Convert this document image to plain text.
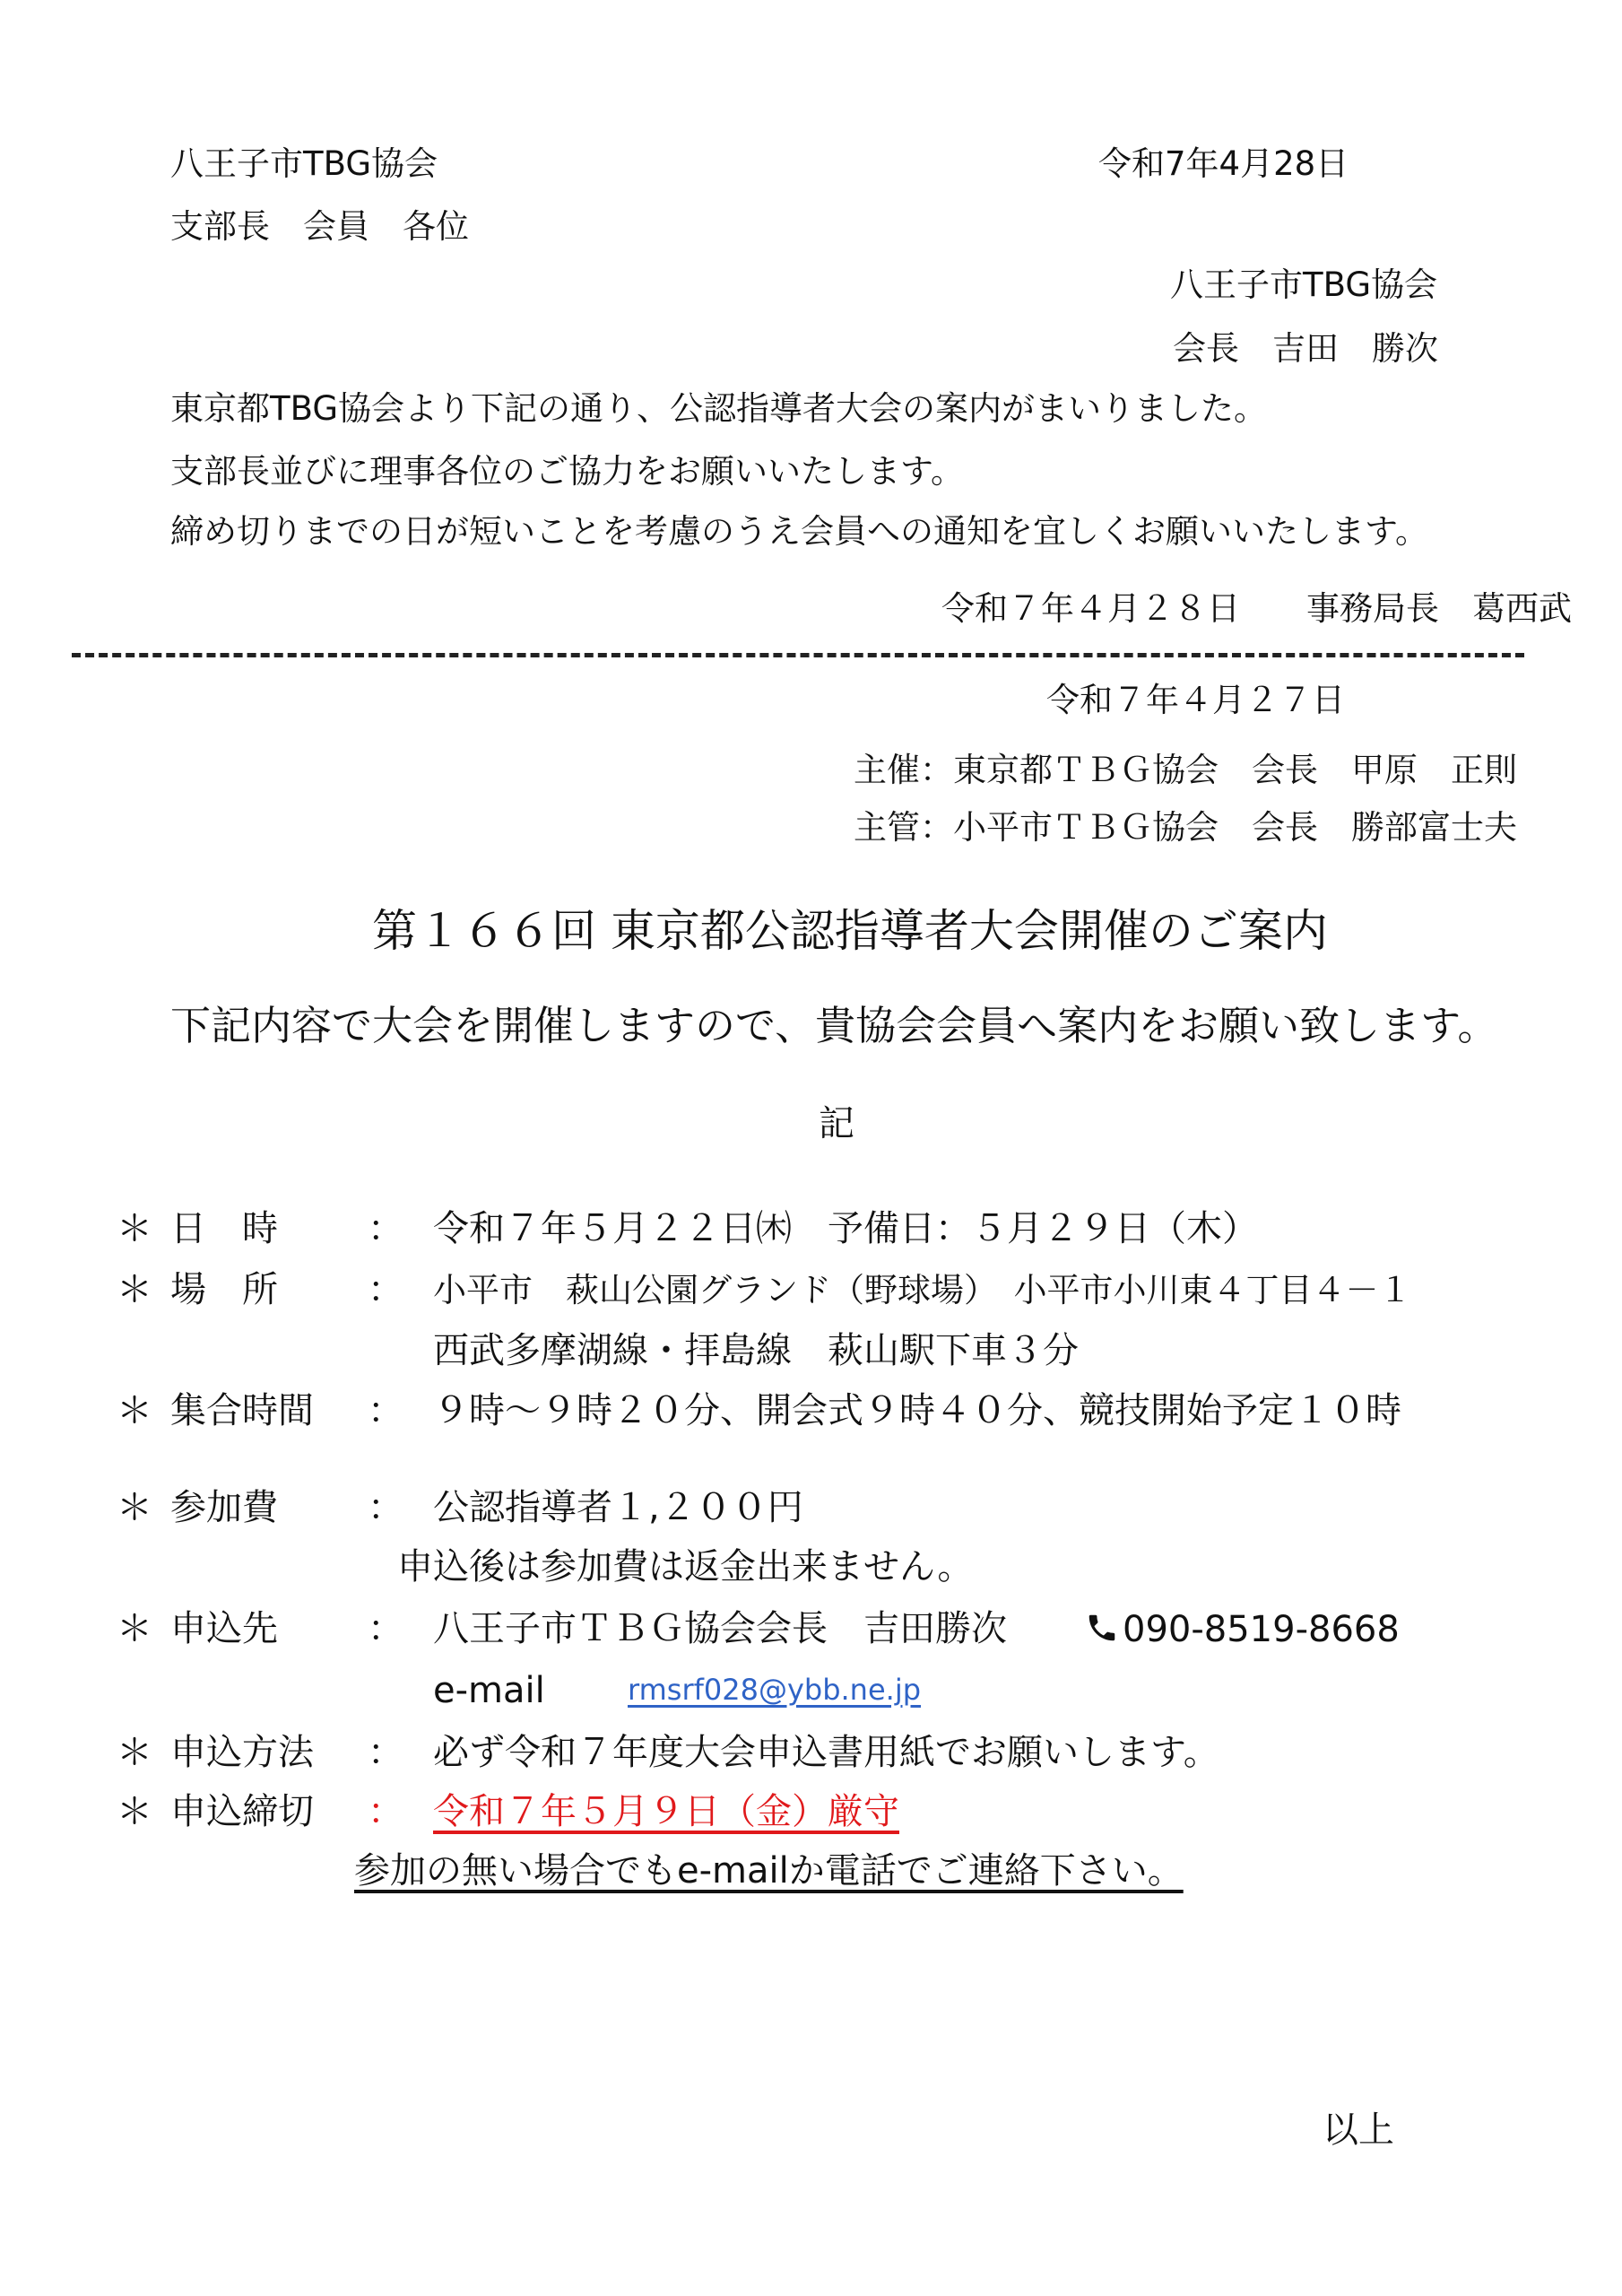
八王子市TBG協会	令和7年4月28日
支部長　会員　各位
八王子市TBG協会
会長　吉田　勝次
東京都TBG協会より下記の通り、公認指導者大会の案内がまいりました。
支部長並びに理事各位のご協力をお願いいたします。
締め切りまでの日が短いことを考慮のうえ会員への通知を宜しくお願いいたします。
令和７年４月２８日　　事務局長　葛西武
令和７年４月２７日
主催：東京都ＴＢＧ協会　会長　甲原　正則
主管：小平市ＴＢＧ協会　会長　勝部富士夫
第１６６回 東京都公認指導者大会開催のご案内
下記内容で大会を開催しますので、貴協会会員へ案内をお願い致します。
記
＊ 日　時	： 令和７年５月２２日㈭　予備日：５月２９日（木）
＊ 場　所	： 小平市　萩山公園グランド（野球場）　小平市小川東４丁目４－１
西武多摩湖線・拝島線　萩山駅下車３分
＊ 集合時間 ： ９時～９時２０分、開会式９時４０分、競技開始予定１０時
＊ 参加費	： 公認指導者１,２００円
申込後は参加費は返金出来ません。
＊ 申込先	： 八王子市ＴＢＧ協会会長　吉田勝次	090-8519-8668
e-mail	rmsrf028@ybb.ne.jp
＊ 申込方法 ： 必ず令和７年度大会申込書用紙でお願いします。
＊ 申込締切 ： 令和７年５月９日（金）厳守
参加の無い場合でもe-mailか電話でご連絡下さい。
以上
